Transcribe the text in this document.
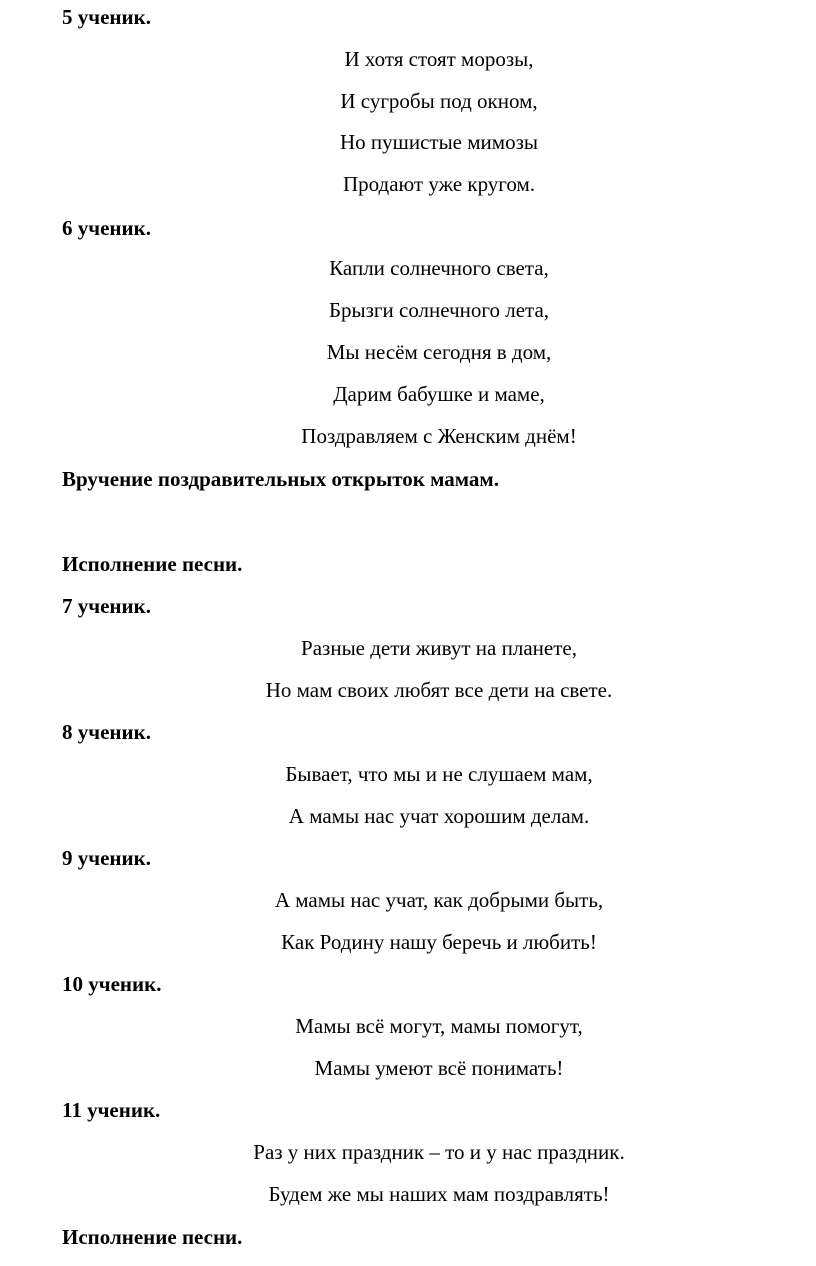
5 ученик.
И хотя стоят морозы,
И сугробы под окном,
Но пушистые мимозы
Продают уже кругом.
6 ученик.
Капли солнечного света,
Брызги солнечного лета,
Мы несём сегодня в дом,
Дарим бабушке и маме,
Поздравляем с Женским днём!
Вручение поздравительных открыток мамам.
Исполнение песни.
7 ученик.
Разные дети живут на планете,
Но мам своих любят все дети на свете.
8 ученик.
Бывает, что мы и не слушаем мам,
А мамы нас учат хорошим делам.
9 ученик.
А мамы нас учат, как добрыми быть,
Как Родину нашу беречь и любить!
10 ученик.
Мамы всё могут, мамы помогут,
Мамы умеют всё понимать!
11 ученик.
Раз у них праздник – то и у нас праздник.
Будем же мы наших мам поздравлять!
Исполнение песни.
